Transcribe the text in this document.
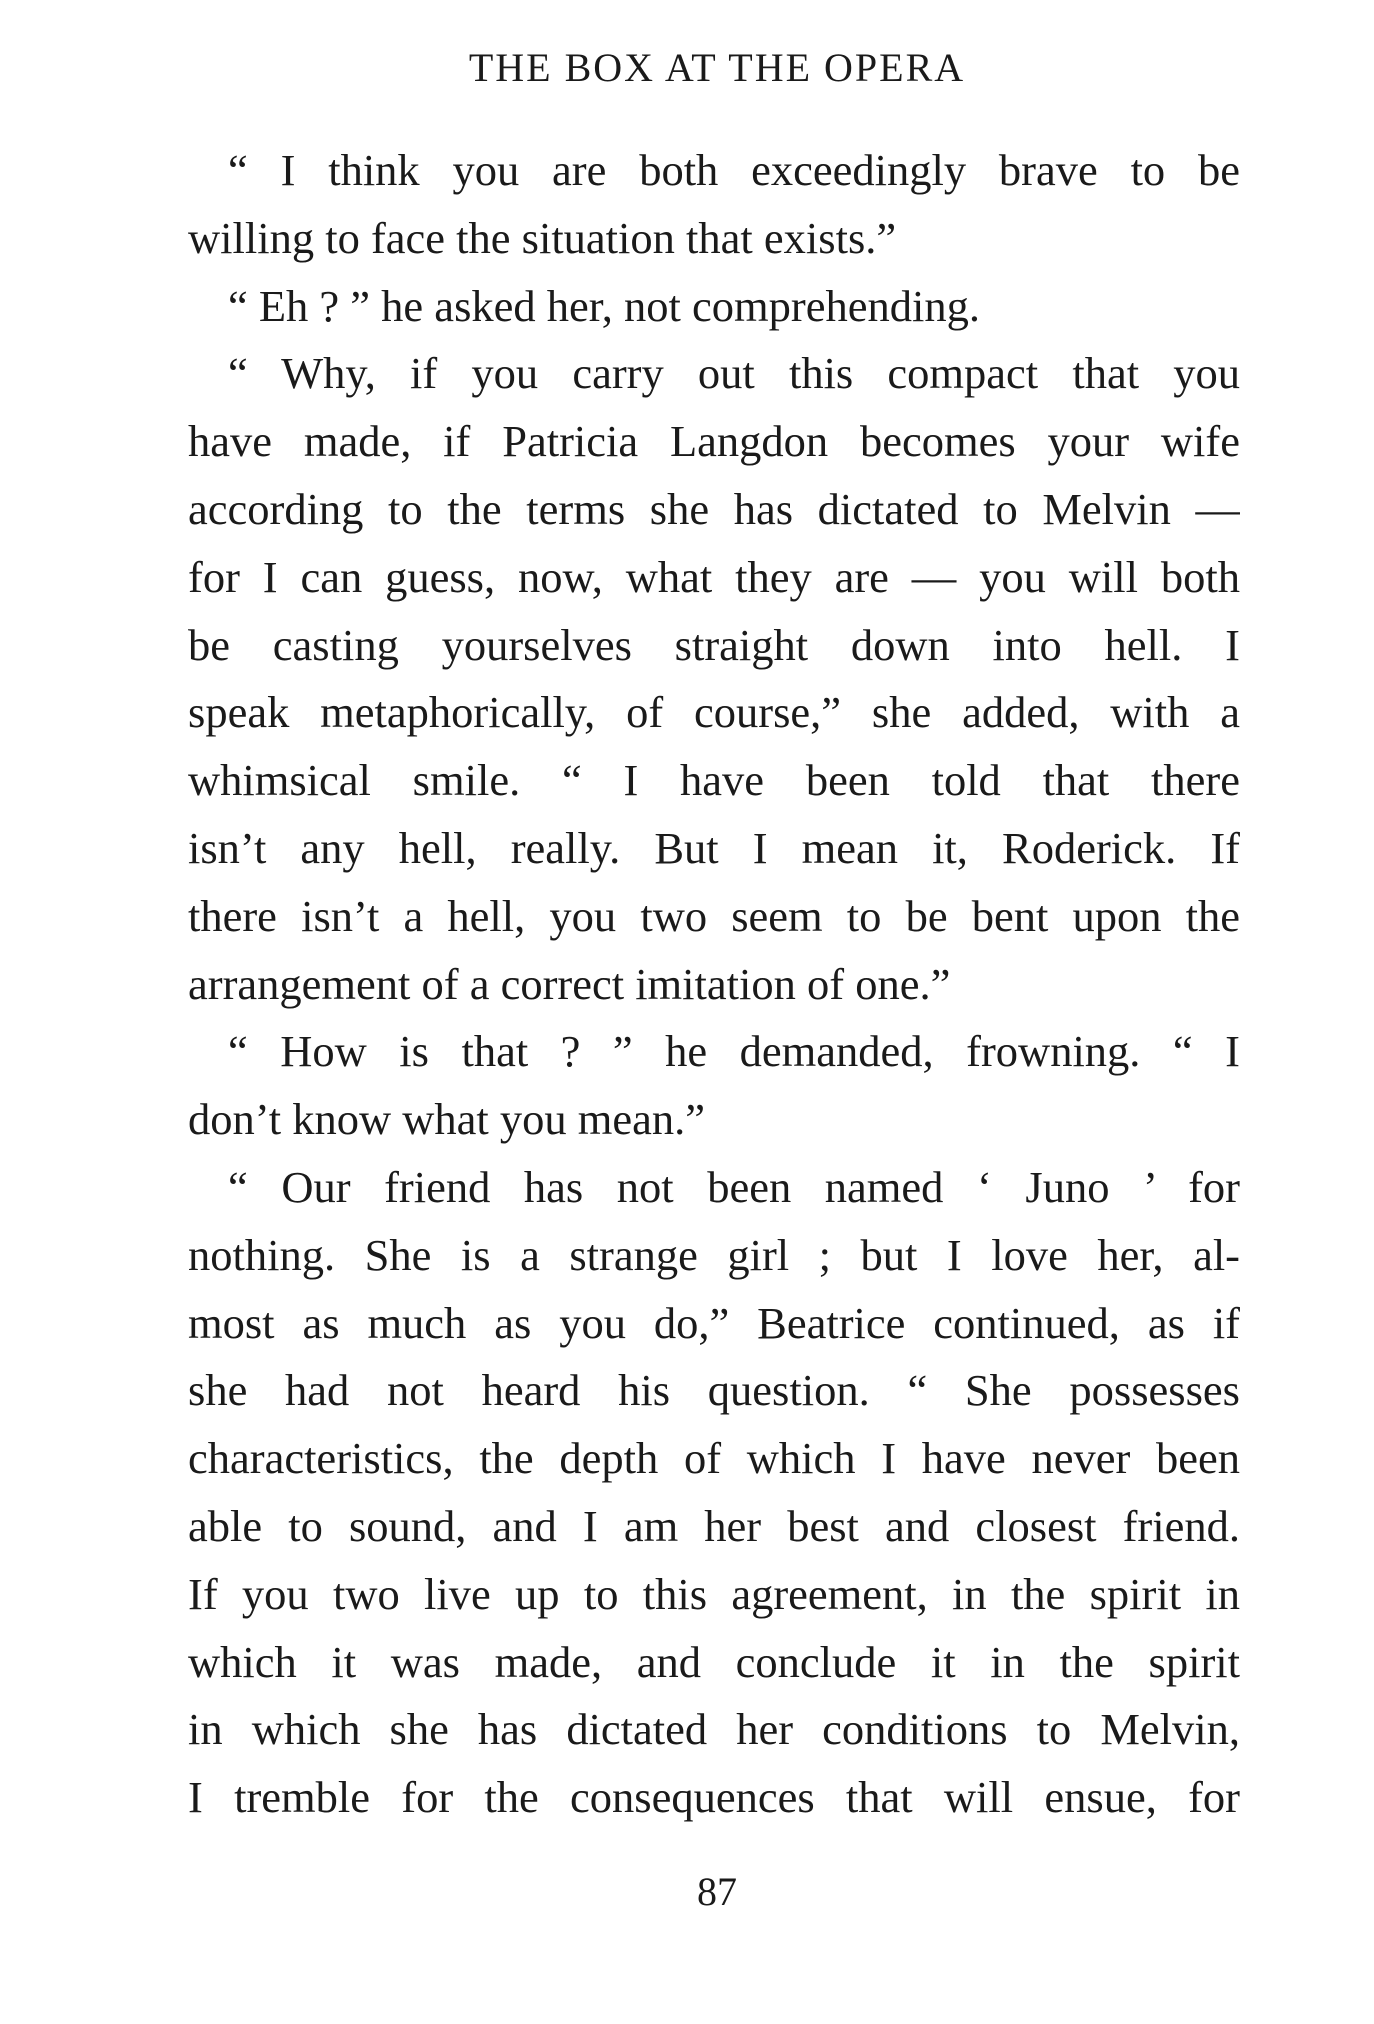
THE BOX AT THE OPERA
“ I think you are both exceedingly brave to be
willing to face the situation that exists.”
“ Eh ? ” he asked her, not comprehending.
“ Why, if you carry out this compact that you
have made, if Patricia Langdon becomes your wife
according to the terms she has dictated to Melvin —
for I can guess, now, what they are — you will both
be casting yourselves straight down into hell. I
speak metaphorically, of course,” she added, with a
whimsical smile. “ I have been told that there
isn’t any hell, really. But I mean it, Roderick. If
there isn’t a hell, you two seem to be bent upon the
arrangement of a correct imitation of one.”
“ How is that ? ” he demanded, frowning. “ I
don’t know what you mean.”
“ Our friend has not been named ‘ Juno ’ for
nothing. She is a strange girl ; but I love her, al-
most as much as you do,” Beatrice continued, as if
she had not heard his question. “ She possesses
characteristics, the depth of which I have never been
able to sound, and I am her best and closest friend.
If you two live up to this agreement, in the spirit in
which it was made, and conclude it in the spirit
in which she has dictated her conditions to Melvin,
I tremble for the consequences that will ensue, for
87
